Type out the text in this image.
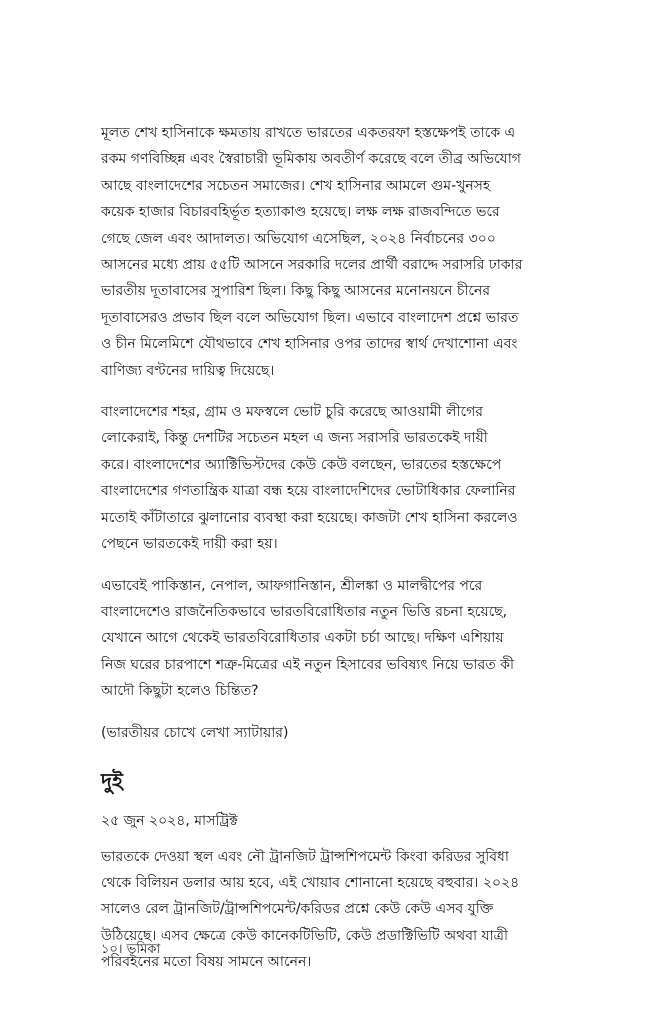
মূলত শেখ হাসিনাকে ক্ষমতায় রাখতে ভারতের একতরফা হস্তক্ষেপই তাকে এ
রকম গণবিচ্ছিন্ন এবং স্বৈরাচারী ভূমিকায় অবতীর্ণ করেছে বলে তীব্র অভিযোগ
আছে বাংলাদেশের সচেতন সমাজের। শেখ হাসিনার আমলে গুম-খুনসহ
কয়েক হাজার বিচারবহির্ভূত হত্যাকাণ্ড হয়েছে। লক্ষ লক্ষ রাজবন্দিতে ভরে
গেছে জেল এবং আদালত। অভিযোগ এসেছিল, ২০২৪ নির্বাচনের ৩০০
আসনের মধ্যে প্রায় ৫৫টি আসনে সরকারি দলের প্রার্থী বরাদ্দে সরাসরি ঢাকার
ভারতীয় দূতাবাসের সুপারিশ ছিল। কিছু কিছু আসনের মনোনয়নে চীনের
দূতাবাসেরও প্রভাব ছিল বলে অভিযোগ ছিল। এভাবে বাংলাদেশ প্রশ্নে ভারত
ও চীন মিলেমিশে যৌথভাবে শেখ হাসিনার ওপর তাদের স্বার্থ দেখাশোনা এবং
বাণিজ্য বণ্টনের দায়িত্ব দিয়েছে।
বাংলাদেশের শহর, গ্রাম ও মফস্বলে ভোট চুরি করেছে আওয়ামী লীগের
লোকেরাই, কিন্তু দেশটির সচেতন মহল এ জন্য সরাসরি ভারতকেই দায়ী
করে। বাংলাদেশের অ্যাক্টিভিস্টদের কেউ কেউ বলছেন, ভারতের হস্তক্ষেপে
বাংলাদেশের গণতান্ত্রিক যাত্রা বন্ধ হয়ে বাংলাদেশিদের ভোটাধিকার ফেলানির
মতোই কাঁটাতারে ঝুলানোর ব্যবস্থা করা হয়েছে। কাজটা শেখ হাসিনা করলেও
পেছনে ভারতকেই দায়ী করা হয়।
এভাবেই পাকিস্তান, নেপাল, আফগানিস্তান, শ্রীলঙ্কা ও মালদ্বীপের পরে
বাংলাদেশেও রাজনৈতিকভাবে ভারতবিরোধিতার নতুন ভিত্তি রচনা হয়েছে,
যেখানে আগে থেকেই ভারতবিরোধিতার একটা চর্চা আছে। দক্ষিণ এশিয়ায়
নিজ ঘরের চারপাশে শত্রু-মিত্রের এই নতুন হিসাবের ভবিষ্যৎ নিয়ে ভারত কী
আদৌ কিছুটা হলেও চিন্তিত?
(ভারতীয়র চোখে লেখা স্যাটায়ার)
দুই
২৫ জুন ২০২৪, মাসট্রিক্ট
ভারতকে দেওয়া স্থল এবং নৌ ট্রানজিট ট্রান্সশিপমেন্ট কিংবা করিডর সুবিধা
থেকে বিলিয়ন ডলার আয় হবে, এই খোয়াব শোনানো হয়েছে বহুবার। ২০২৪
সালেও রেল ট্রানজিট/ট্রান্সশিপমেন্ট/করিডর প্রশ্নে কেউ কেউ এসব যুক্তি
উঠিয়েছে। এসব ক্ষেত্রে কেউ কানেকটিভিটি, কেউ প্রডাক্টিভিটি অথবা যাত্রী
পরিবহনের মতো বিষয় সামনে আনেন।
১০। ভূমিকা
